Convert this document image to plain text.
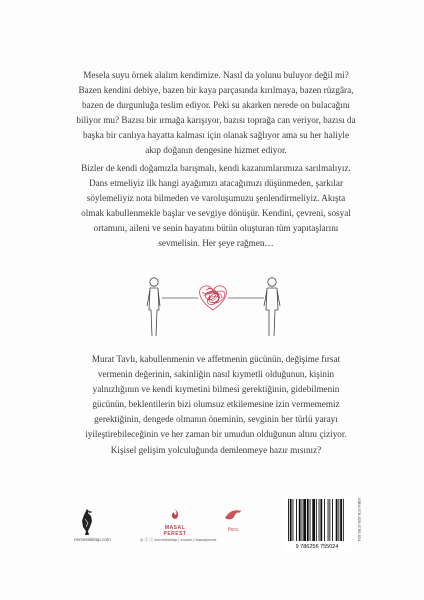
Mesela suyu örnek alalım kendimize. Nasıl da yolunu buluyor değil mi? Bazen kendini debiye, bazen bir kaya parçasında kırılmaya, bazen rüzgâra, bazen de durgunluğa teslim ediyor. Peki su akarken nerede on bulacağını biliyor mu? Bazısı bir ırmağa karışıyor, bazısı toprağa can veriyor, bazısı da başka bir canlıya hayatta kalması için olanak sağlıyor ama su her haliyle akıp doğanın dengesine hizmet ediyor.

Bizler de kendi doğamızla barışmalı, kendi kazanımlarımıza sarılmalıyız. Dans etmeliyiz ilk hangi ayağımızı atacağımızı düşünmeden, şarkılar söylemeliyiz nota bilmeden ve varoluşumuzu şenlendirmeliyiz. Akışta olmak kabullenmekle başlar ve sevgiye dönüşür. Kendini, çevreni, sosyal ortamını, aileni ve senin hayatını bütün oluşturan tüm yapıtaşlarını sevmelisin. Her şeye rağmen…

Murat Tavlı, kabullenmenin ve affetmenin gücünün, değişime fırsat vermenin değerinin, sakinliğin nasıl kıymetli olduğunun, kişinin yalnızlığının ve kendi kıymetini bilmesi gerektiğinin, gidebilmenin gücünün, beklentilerin bizi olumsuz etkilemesine izin vermememiz gerektiğinin, dengede olmanın öneminin, sevginin her türlü yarayı iyileştirebileceğinin ve her zaman bir umudun olduğunun altını çiziyor. Kişisel gelişim yolculuğunda demlenmeye hazır mısınız?

nemesiskitap.com
MASAL
PEREST
◎ ⓕ ⓣ /nemesiskitap | /masal | /masalperest
flora
9 786256 755024
ISBN 978-625-6755-024
